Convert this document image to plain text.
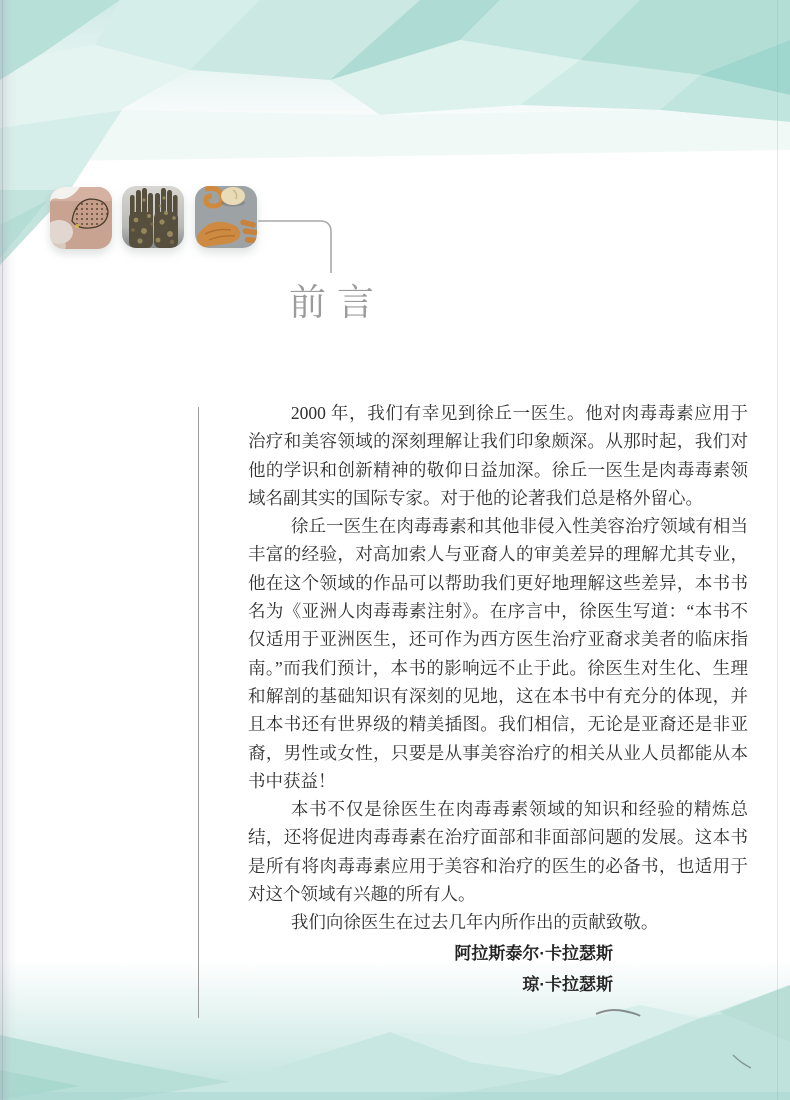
前言

2000 年，我们有幸见到徐丘一医生。他对肉毒毒素应用于治疗和美容领域的深刻理解让我们印象颇深。从那时起，我们对他的学识和创新精神的敬仰日益加深。徐丘一医生是肉毒毒素领域名副其实的国际专家。对于他的论著我们总是格外留心。

徐丘一医生在肉毒毒素和其他非侵入性美容治疗领域有相当丰富的经验，对高加索人与亚裔人的审美差异的理解尤其专业，他在这个领域的作品可以帮助我们更好地理解这些差异，本书书名为《亚洲人肉毒毒素注射》。在序言中，徐医生写道：“本书不仅适用于亚洲医生，还可作为西方医生治疗亚裔求美者的临床指南。”而我们预计，本书的影响远不止于此。徐医生对生化、生理和解剖的基础知识有深刻的见地，这在本书中有充分的体现，并且本书还有世界级的精美插图。我们相信，无论是亚裔还是非亚裔，男性或女性，只要是从事美容治疗的相关从业人员都能从本书中获益！

本书不仅是徐医生在肉毒毒素领域的知识和经验的精炼总结，还将促进肉毒毒素在治疗面部和非面部问题的发展。这本书是所有将肉毒毒素应用于美容和治疗的医生的必备书，也适用于对这个领域有兴趣的所有人。

我们向徐医生在过去几年内所作出的贡献致敬。

阿拉斯泰尔·卡拉瑟斯
琼·卡拉瑟斯
